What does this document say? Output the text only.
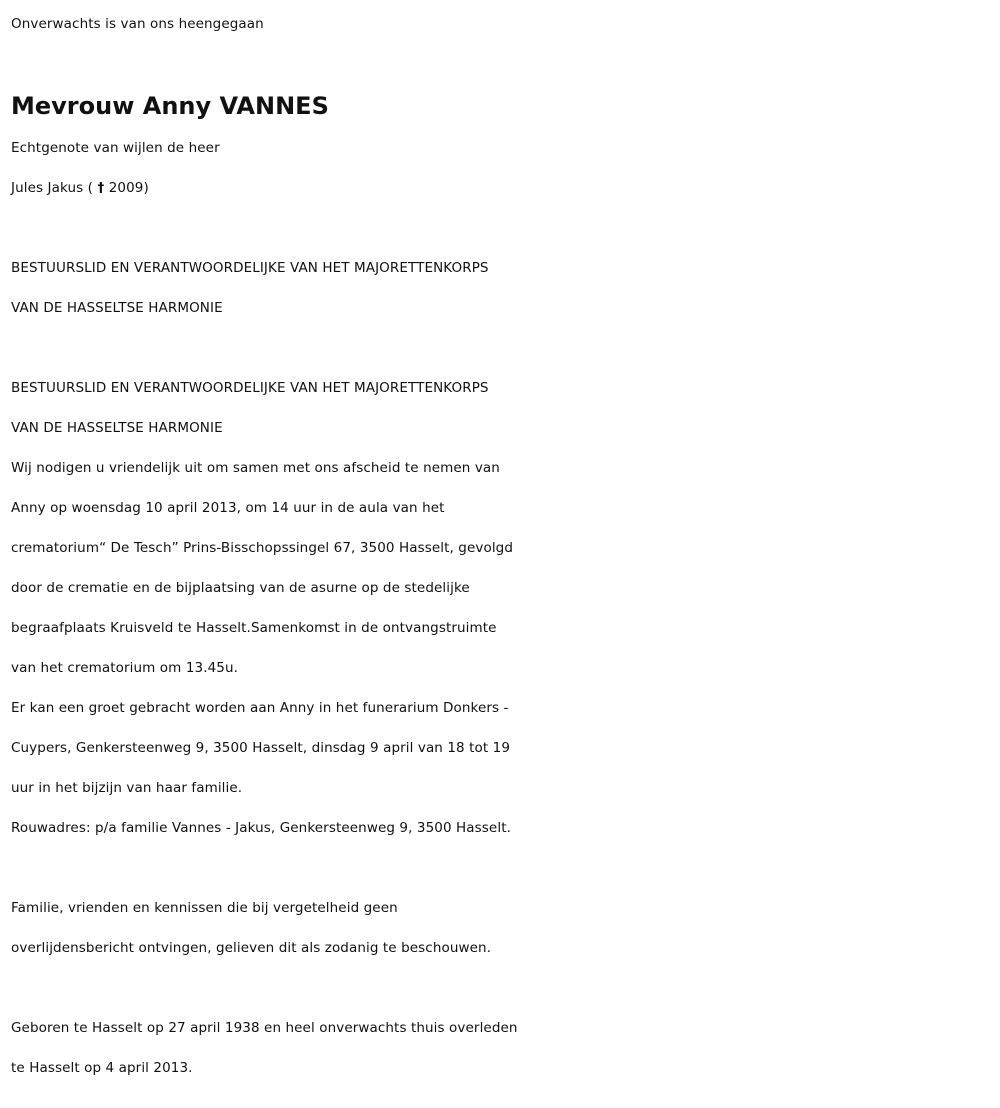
Onverwachts is van ons heengegaan
Mevrouw Anny VANNES
Echtgenote van wijlen de heer
Jules Jakus ( † 2009)
BESTUURSLID EN VERANTWOORDELIJKE VAN HET MAJORETTENKORPS
VAN DE HASSELTSE HARMONIE
BESTUURSLID EN VERANTWOORDELIJKE VAN HET MAJORETTENKORPS
VAN DE HASSELTSE HARMONIE
Wij nodigen u vriendelijk uit om samen met ons afscheid te nemen van
Anny op woensdag 10 april 2013, om 14 uur in de aula van het
crematorium“ De Tesch” Prins-Bisschopssingel 67, 3500 Hasselt, gevolgd
door de crematie en de bijplaatsing van de asurne op de stedelijke
begraafplaats Kruisveld te Hasselt.Samenkomst in de ontvangstruimte
van het crematorium om 13.45u.
Er kan een groet gebracht worden aan Anny in het funerarium Donkers -
Cuypers, Genkersteenweg 9, 3500 Hasselt, dinsdag 9 april van 18 tot 19
uur in het bijzijn van haar familie.
Rouwadres: p/a familie Vannes - Jakus, Genkersteenweg 9, 3500 Hasselt.
Familie, vrienden en kennissen die bij vergetelheid geen
overlijdensbericht ontvingen, gelieven dit als zodanig te beschouwen.
Geboren te Hasselt op 27 april 1938 en heel onverwachts thuis overleden
te Hasselt op 4 april 2013.
